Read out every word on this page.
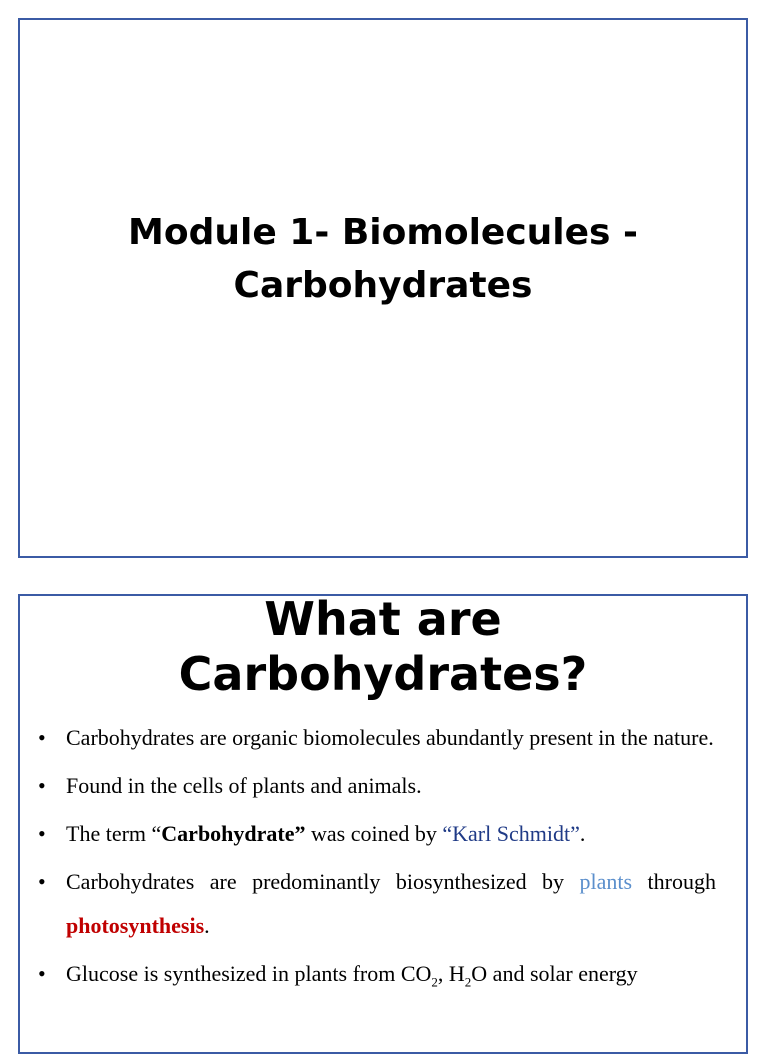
Module 1- Biomolecules -
Carbohydrates
What are
Carbohydrates?
• Carbohydrates are organic biomolecules abundantly present in the nature.
• Found in the cells of plants and animals.
• The term “Carbohydrate” was coined by “Karl Schmidt”.
• Carbohydrates are predominantly biosynthesized by plants through photosynthesis.
• Glucose is synthesized in plants from $CO_2$, $H_2O$ and solar energy
